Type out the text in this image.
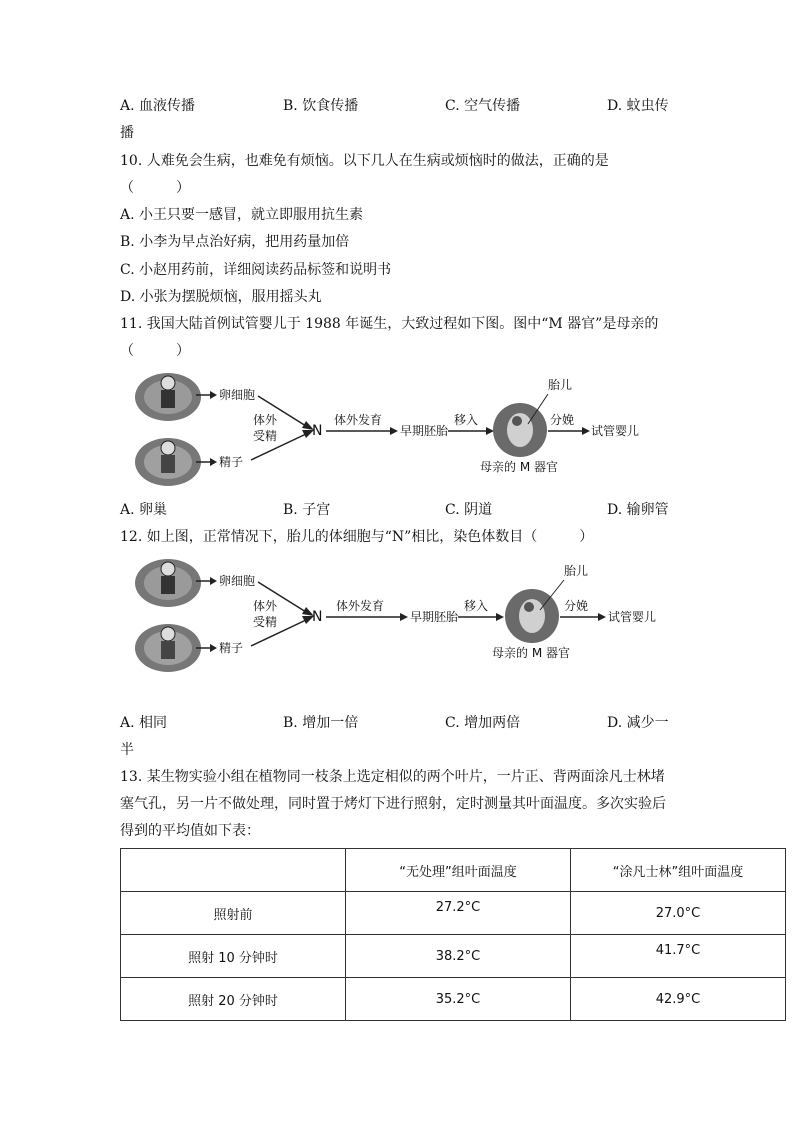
A. 血液传播	B. 饮食传播	C. 空气传播	D. 蚊虫传
播
10. 人难免会生病，也难免有烦恼。以下几人在生病或烦恼时的做法，正确的是
（　　　）
A. 小王只要一感冒，就立即服用抗生素
B. 小李为早点治好病，把用药量加倍
C. 小赵用药前，详细阅读药品标签和说明书
D. 小张为摆脱烦恼，服用摇头丸
11. 我国大陆首例试管婴儿于 1988 年诞生，大致过程如下图。图中“M 器官”是母亲的
（　　　）
卵细胞
精子
体外
受精 N
体外发育
早期胚胎
移入
胎儿
分娩
试管婴儿
母亲的 M 器官
A. 卵巢	B. 子宫	C. 阴道	D. 输卵管
12. 如上图，正常情况下，胎儿的体细胞与“N”相比，染色体数目（　　　）
卵细胞
精子
体外
受精 N
体外发育
早期胚胎
移入
胎儿
分娩
试管婴儿
母亲的 M 器官
A. 相同	B. 增加一倍	C. 增加两倍	D. 减少一
半
13. 某生物实验小组在植物同一枝条上选定相似的两个叶片，一片正、背两面涂凡士林堵
塞气孔，另一片不做处理，同时置于烤灯下进行照射，定时测量其叶面温度。多次实验后
得到的平均值如下表：
	“无处理”组叶面温度	“涂凡士林”组叶面温度
照射前	27.2°C	27.0°C
照射 10 分钟时	38.2°C	41.7°C
照射 20 分钟时	35.2°C	42.9°C
